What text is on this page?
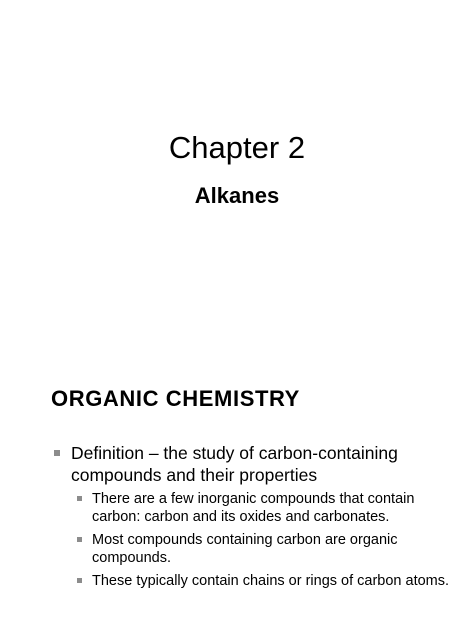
Chapter 2
Alkanes
ORGANIC CHEMISTRY
Definition – the study of carbon-containing compounds and their properties
There are a few inorganic compounds that contain carbon: carbon and its oxides and carbonates.
Most compounds containing carbon are organic compounds.
These typically contain chains or rings of carbon atoms.
